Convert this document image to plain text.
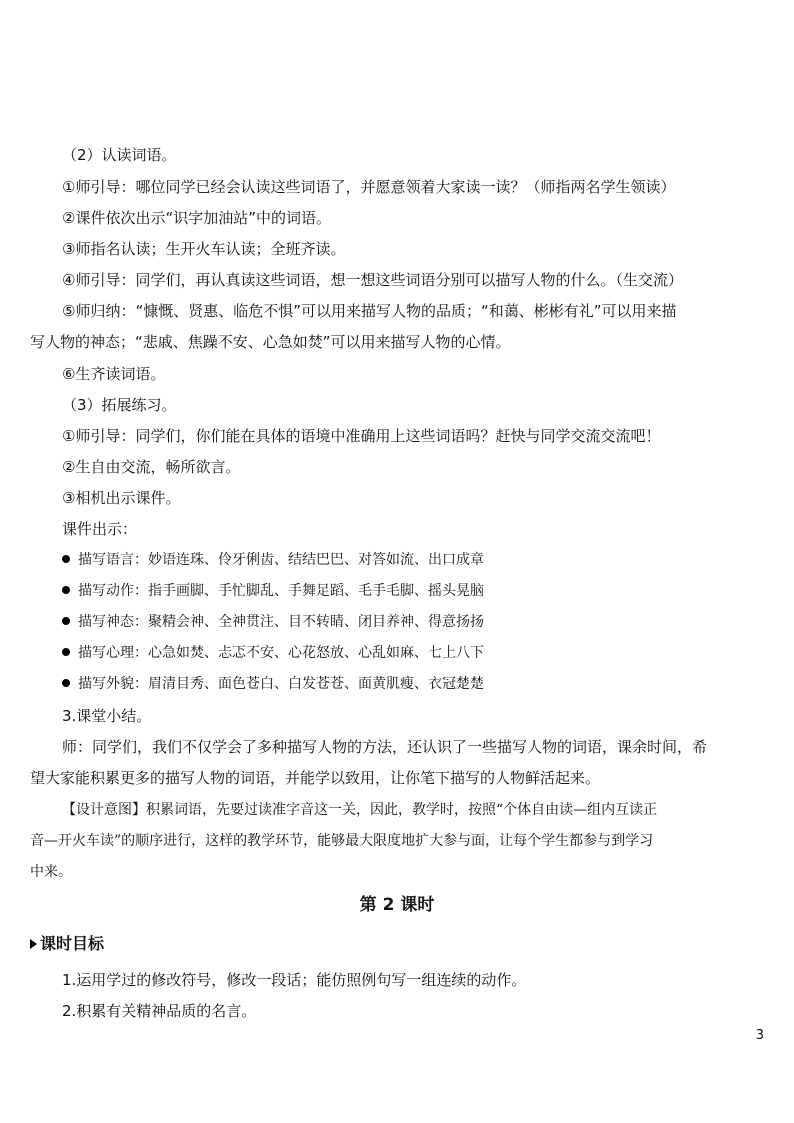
（2）认读词语。
①师引导：哪位同学已经会认读这些词语了，并愿意领着大家读一读？（师指两名学生领读）
②课件依次出示“识字加油站”中的词语。
③师指名认读；生开火车认读；全班齐读。
④师引导：同学们，再认真读这些词语，想一想这些词语分别可以描写人物的什么。（生交流）
⑤师归纳：“慷慨、贤惠、临危不惧”可以用来描写人物的品质；“和蔼、彬彬有礼”可以用来描
写人物的神态；“悲戚、焦躁不安、心急如焚”可以用来描写人物的心情。
⑥生齐读词语。
（3）拓展练习。
①师引导：同学们，你们能在具体的语境中准确用上这些词语吗？赶快与同学交流交流吧！
②生自由交流，畅所欲言。
③相机出示课件。
课件出示：
描写语言：妙语连珠、伶牙俐齿、结结巴巴、对答如流、出口成章
描写动作：指手画脚、手忙脚乱、手舞足蹈、毛手毛脚、摇头晃脑
描写神态：聚精会神、全神贯注、目不转睛、闭目养神、得意扬扬
描写心理：心急如焚、忐忑不安、心花怒放、心乱如麻、七上八下
描写外貌：眉清目秀、面色苍白、白发苍苍、面黄肌瘦、衣冠楚楚
3.课堂小结。
师：同学们，我们不仅学会了多种描写人物的方法，还认识了一些描写人物的词语，课余时间，希
望大家能积累更多的描写人物的词语，并能学以致用，让你笔下描写的人物鲜活起来。
【设计意图】积累词语，先要过读准字音这一关，因此，教学时，按照“个体自由读—组内互读正
音—开火车读”的顺序进行，这样的教学环节，能够最大限度地扩大参与面，让每个学生都参与到学习
中来。
第 2 课时
课时目标
1.运用学过的修改符号，修改一段话；能仿照例句写一组连续的动作。
2.积累有关精神品质的名言。
3
